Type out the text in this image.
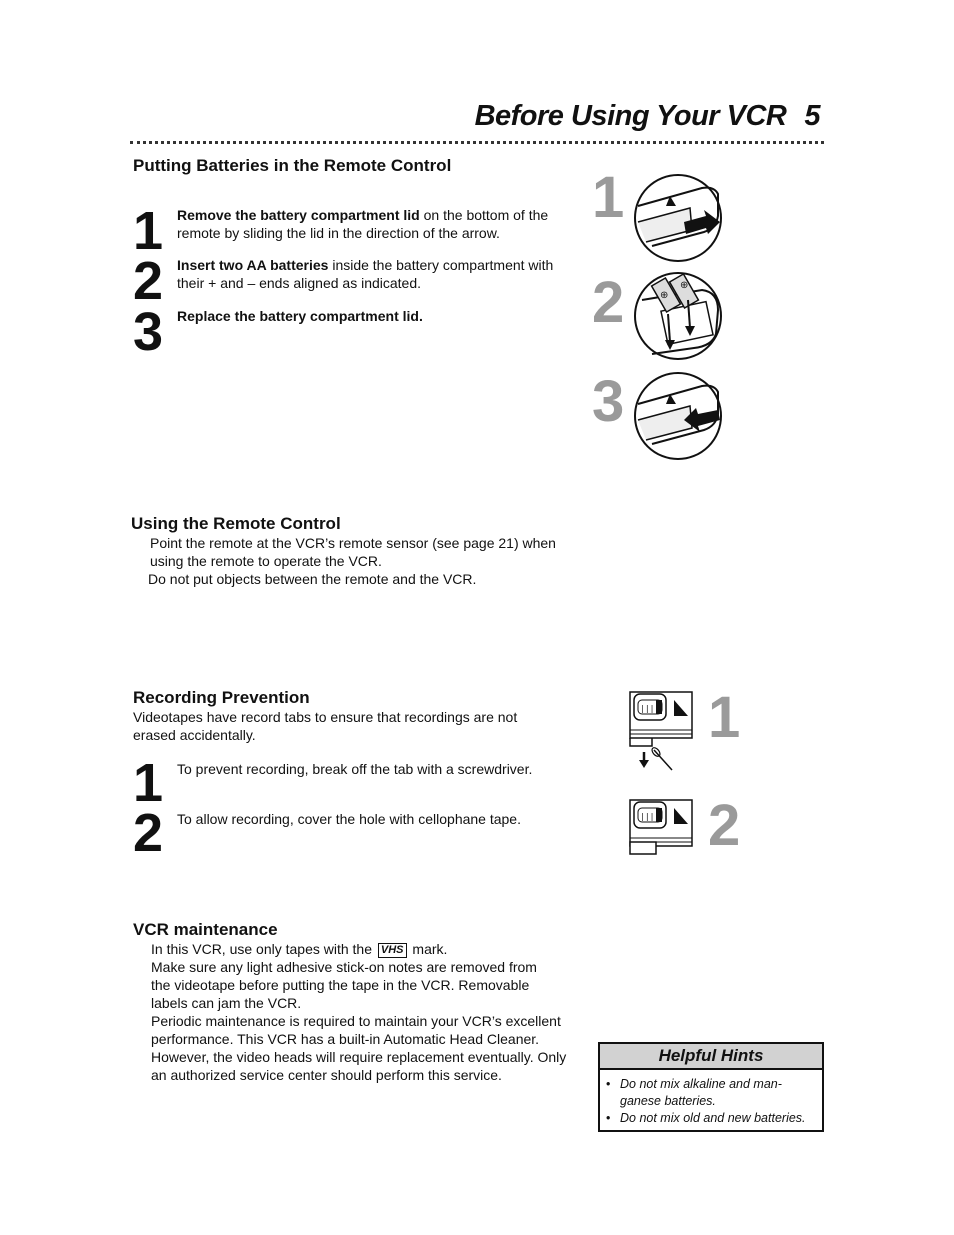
Before Using Your VCR 5
Putting Batteries in the Remote Control
1 Remove the battery compartment lid on the bottom of the remote by sliding the lid in the direction of the arrow.
2 Insert two AA batteries inside the battery compartment with their + and – ends aligned as indicated.
3 Replace the battery compartment lid.
1
2	⊕
⊕
3
Using the Remote Control
Point the remote at the VCR’s remote sensor (see page 21) when
using the remote to operate the VCR.
Do not put objects between the remote and the VCR.
Recording Prevention
Videotapes have record tabs to ensure that recordings are not
erased accidentally.
1 To prevent recording, break off the tab with a screwdriver.
2 To allow recording, cover the hole with cellophane tape.
||| 1
||| 2
VCR maintenance
In this VCR, use only tapes with the VHS mark.
Make sure any light adhesive stick-on notes are removed from
the videotape before putting the tape in the VCR. Removable
labels can jam the VCR.
Periodic maintenance is required to maintain your VCR’s excellent
performance. This VCR has a built-in Automatic Head Cleaner.
However, the video heads will require replacement eventually. Only
an authorized service center should perform this service.
Helpful Hints
• Do not mix alkaline and man-
ganese batteries.
• Do not mix old and new batteries.
